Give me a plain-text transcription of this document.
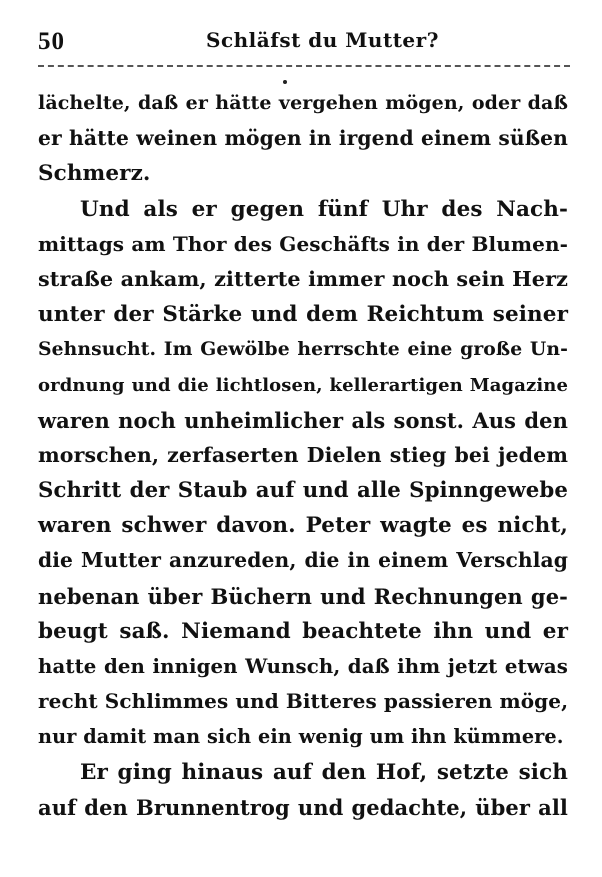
50	Schläfst du Mutter?
lächelte, daß er hätte vergehen mögen, oder daß
er hätte weinen mögen in irgend einem süßen
Schmerz.
Und als er gegen fünf Uhr des Nach-
mittags am Thor des Geschäfts in der Blumen-
straße ankam, zitterte immer noch sein Herz
unter der Stärke und dem Reichtum seiner
Sehnsucht. Im Gewölbe herrschte eine große Un-
ordnung und die lichtlosen, kellerartigen Magazine
waren noch unheimlicher als sonst. Aus den
morschen, zerfaserten Dielen stieg bei jedem
Schritt der Staub auf und alle Spinngewebe
waren schwer davon. Peter wagte es nicht,
die Mutter anzureden, die in einem Verschlag
nebenan über Büchern und Rechnungen ge-
beugt saß. Niemand beachtete ihn und er
hatte den innigen Wunsch, daß ihm jetzt etwas
recht Schlimmes und Bitteres passieren möge,
nur damit man sich ein wenig um ihn kümmere.
Er ging hinaus auf den Hof, setzte sich
auf den Brunnentrog und gedachte, über all
